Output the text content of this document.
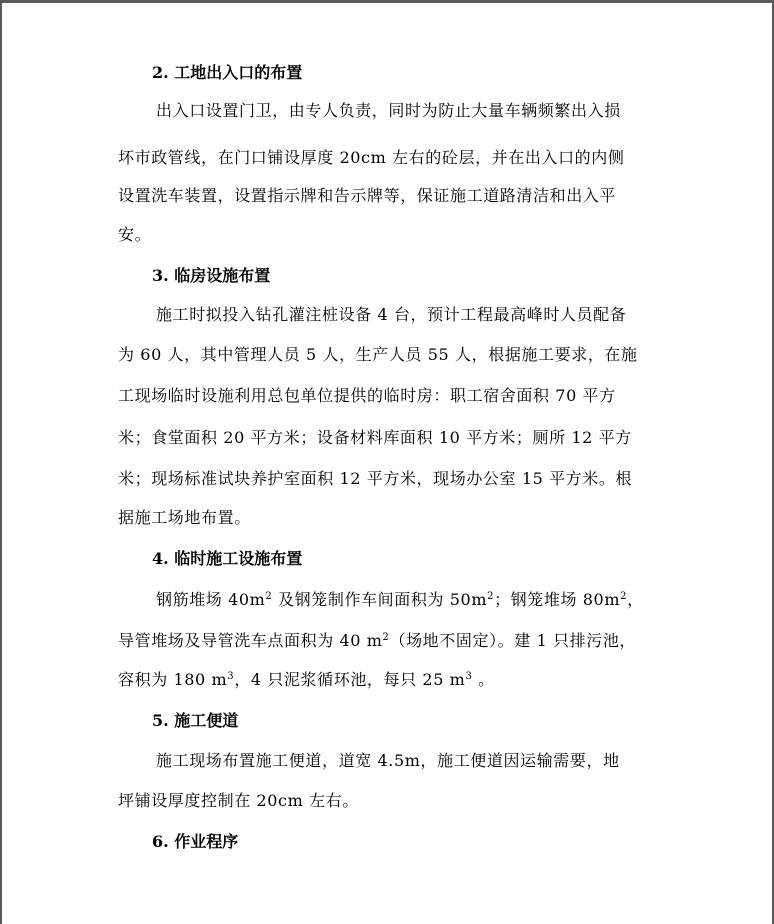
2. 工地出入口的布置
出入口设置门卫，由专人负责，同时为防止大量车辆频繁出入损
坏市政管线，在门口铺设厚度 20cm 左右的砼层，并在出入口的内侧
设置洗车装置，设置指示牌和告示牌等，保证施工道路清洁和出入平
安。
3. 临房设施布置
施工时拟投入钻孔灌注桩设备 4 台，预计工程最高峰时人员配备
为 60 人，其中管理人员 5 人，生产人员 55 人，根据施工要求，在施
工现场临时设施利用总包单位提供的临时房：职工宿舍面积 70 平方
米；食堂面积 20 平方米；设备材料库面积 10 平方米；厕所 12 平方
米；现场标准试块养护室面积 12 平方米，现场办公室 15 平方米。根
据施工场地布置。
4. 临时施工设施布置
钢筋堆场 $40m^2$ 及钢笼制作车间面积为 $50m^2$；钢笼堆场 $80m^2$，
导管堆场及导管洗车点面积为 40 $m^2$（场地不固定）。建 1 只排污池，
容积为 180 $m^3$，4 只泥浆循环池，每只 25 $m^3$ 。
5. 施工便道
施工现场布置施工便道，道宽 4.5m，施工便道因运输需要，地
坪铺设厚度控制在 20cm 左右。
6. 作业程序
